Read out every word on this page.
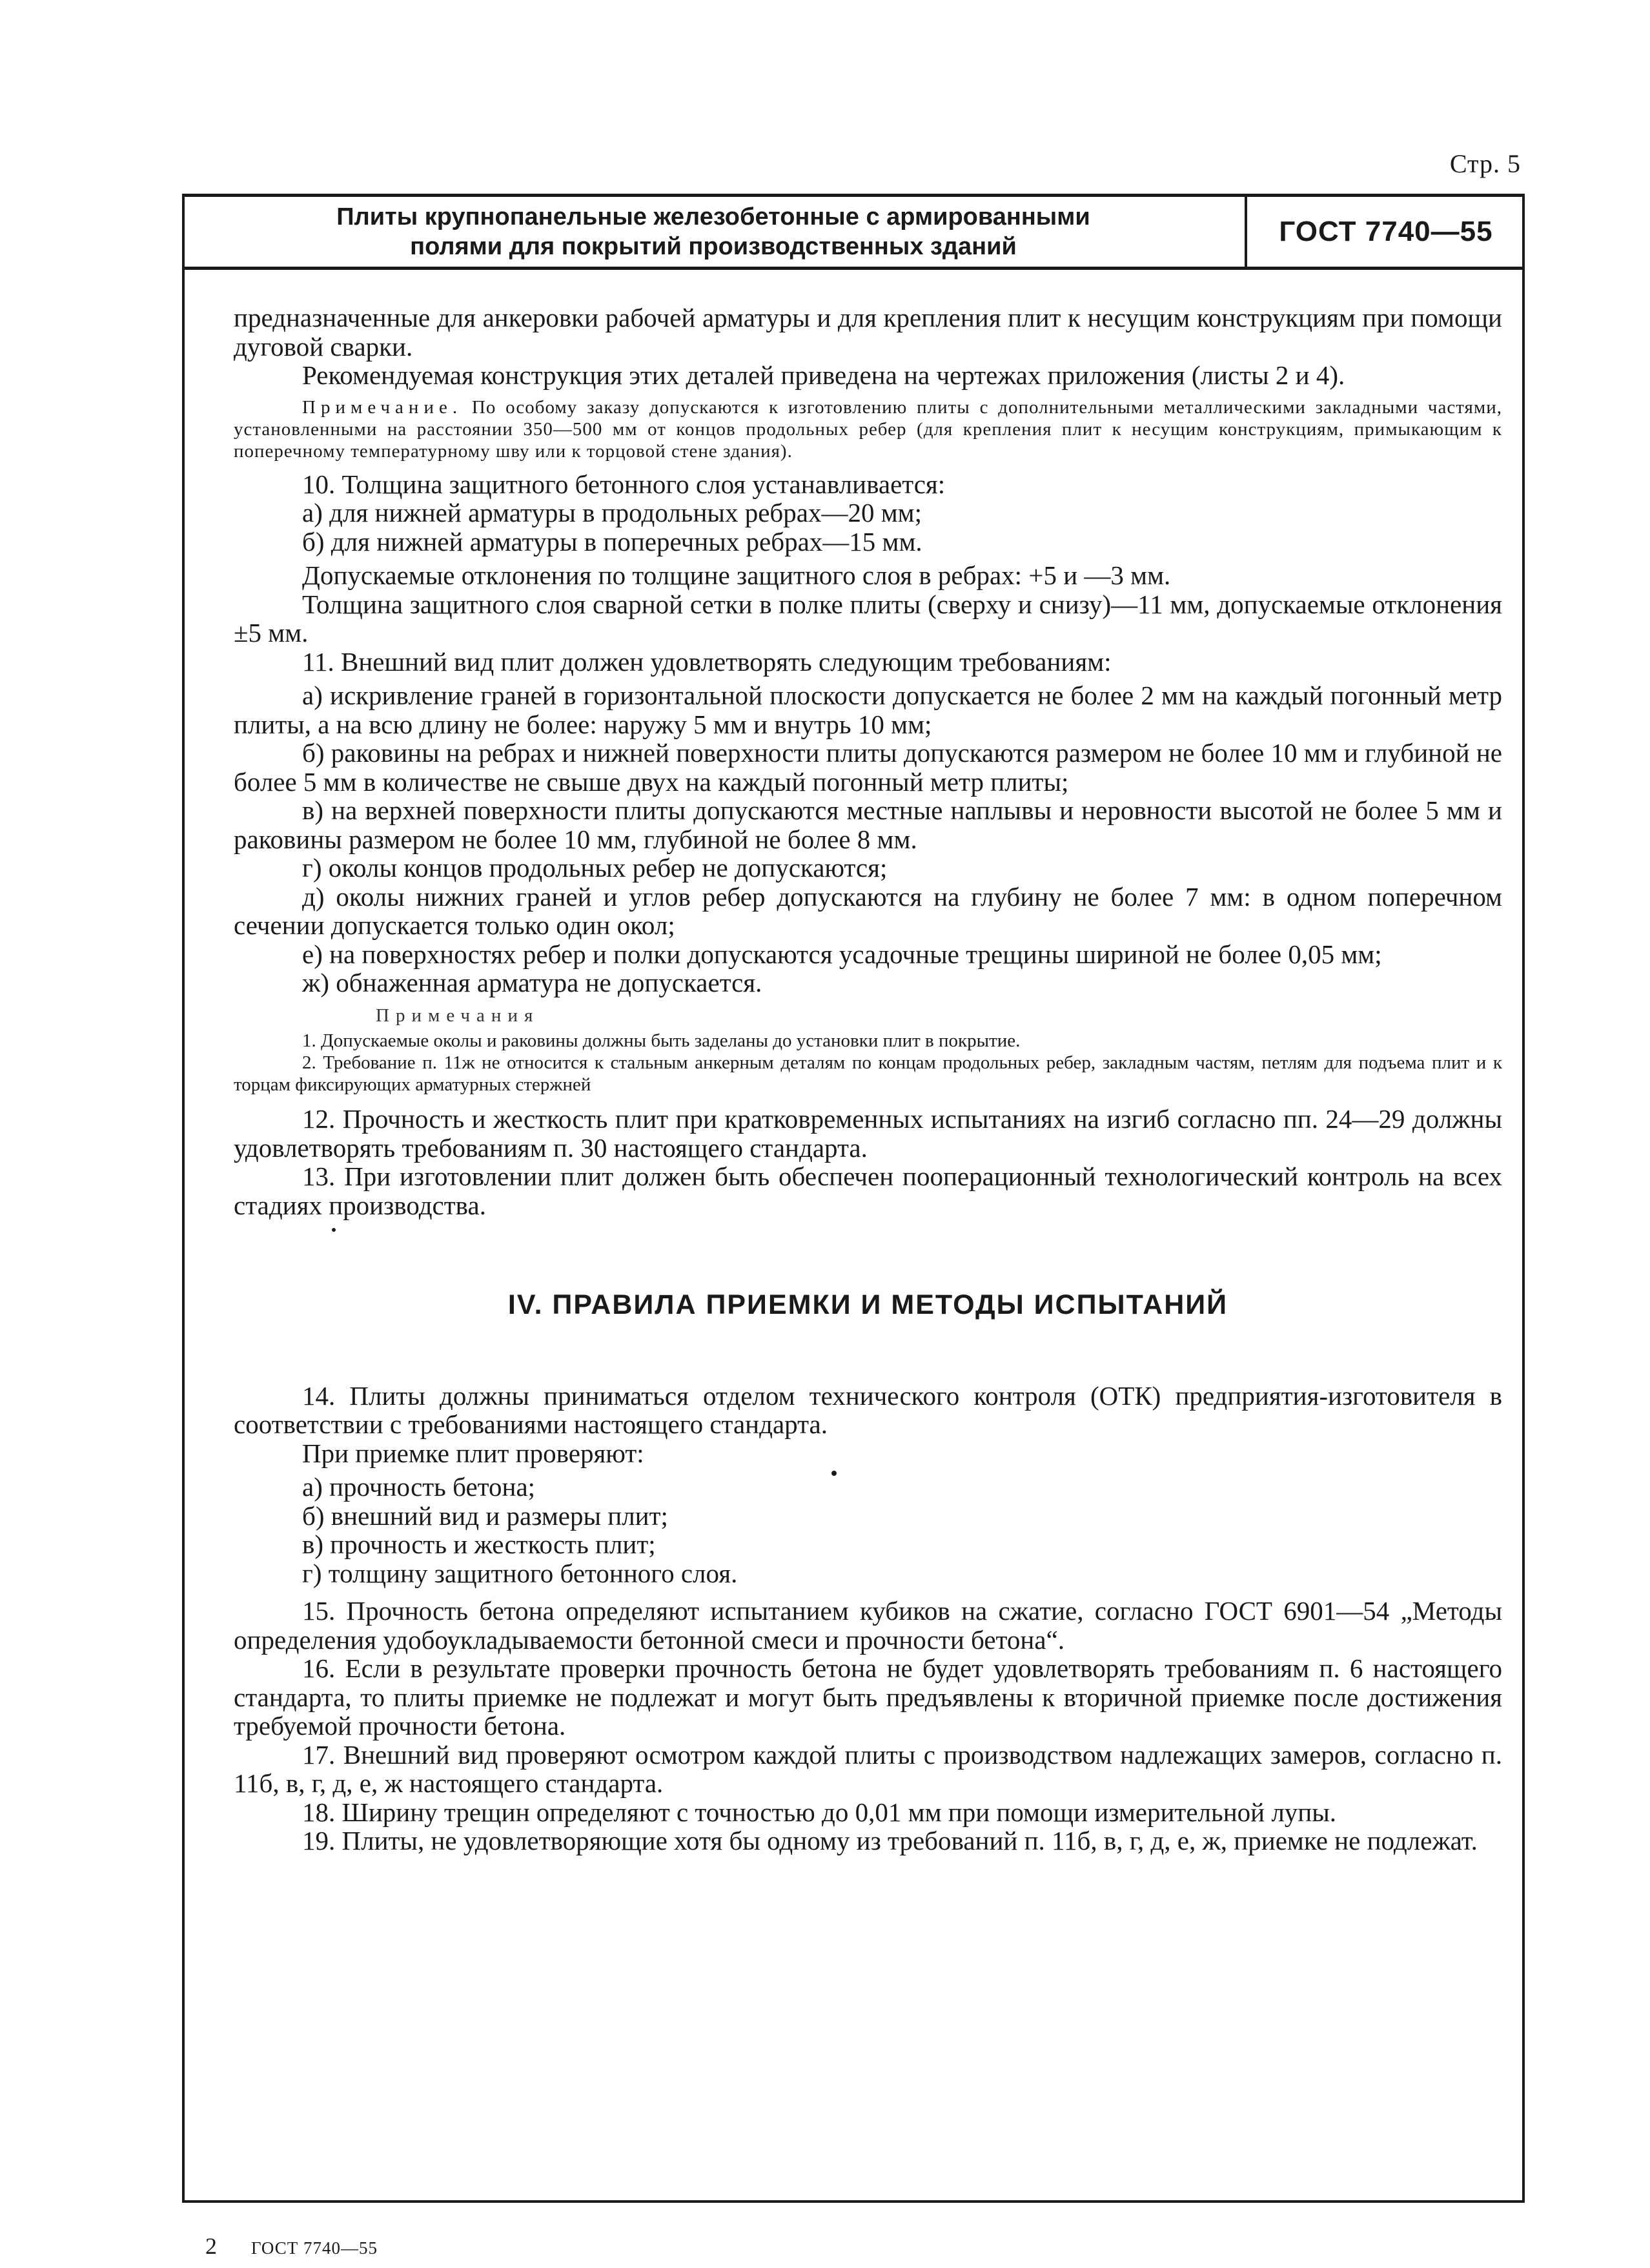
Стр. 5
Плиты крупнопанельные железобетонные с армированными
полями для покрытий производственных зданий	ГОСТ 7740—55

предназначенные для анкеровки рабочей арматуры и для крепления плит к несущим конструкциям при помощи дуговой сварки.

Рекомендуемая конструкция этих деталей приведена на чертежах приложения (листы 2 и 4).

Примечание. По особому заказу допускаются к изготовлению плиты с дополнительными металлическими закладными частями, установленными на расстоянии 350—500 мм от концов продольных ребер (для крепления плит к несущим конструкциям, примыкающим к поперечному температурному шву или к торцовой стене здания).

10. Толщина защитного бетонного слоя устанавливается:

а) для нижней арматуры в продольных ребрах—20 мм;

б) для нижней арматуры в поперечных ребрах—15 мм.

Допускаемые отклонения по толщине защитного слоя в ребрах: +5 и —3 мм.

Толщина защитного слоя сварной сетки в полке плиты (сверху и снизу)—11 мм, допускаемые отклонения ±5 мм.

11. Внешний вид плит должен удовлетворять следующим требованиям:

а) искривление граней в горизонтальной плоскости допускается не более 2 мм на каждый погонный метр плиты, а на всю длину не более: наружу 5 мм и внутрь 10 мм;

б) раковины на ребрах и нижней поверхности плиты допускаются размером не более 10 мм и глубиной не более 5 мм в количестве не свыше двух на каждый погонный метр плиты;

в) на верхней поверхности плиты допускаются местные наплывы и неровности высотой не более 5 мм и раковины размером не более 10 мм, глубиной не более 8 мм.

г) околы концов продольных ребер не допускаются;

д) околы нижних граней и углов ребер допускаются на глубину не более 7 мм: в одном поперечном сечении допускается только один окол;

е) на поверхностях ребер и полки допускаются усадочные трещины шириной не более 0,05 мм;

ж) обнаженная арматура не допускается.

Примечания

1. Допускаемые околы и раковины должны быть заделаны до установки плит в покрытие.

2. Требование п. 11ж не относится к стальным анкерным деталям по концам продольных ребер, закладным частям, петлям для подъема плит и к торцам фиксирующих арматурных стержней

12. Прочность и жесткость плит при кратковременных испытаниях на изгиб согласно пп. 24—29 должны удовлетворять требованиям п. 30 настоящего стандарта.

13. При изготовлении плит должен быть обеспечен пооперационный технологический контроль на всех стадиях производства.

IV. ПРАВИЛА ПРИЕМКИ И МЕТОДЫ ИСПЫТАНИЙ

14. Плиты должны приниматься отделом технического контроля (ОТК) предприятия-изготовителя в соответствии с требованиями настоящего стандарта.

При приемке плит проверяют:

а) прочность бетона;

б) внешний вид и размеры плит;

в) прочность и жесткость плит;

г) толщину защитного бетонного слоя.

15. Прочность бетона определяют испытанием кубиков на сжатие, согласно ГОСТ 6901—54 „Методы определения удобоукладываемости бетонной смеси и прочности бетона“.

16. Если в результате проверки прочность бетона не будет удовлетворять требованиям п. 6 настоящего стандарта, то плиты приемке не подлежат и могут быть предъявлены к вторичной приемке после достижения требуемой прочности бетона.

17. Внешний вид проверяют осмотром каждой плиты с производством надлежащих замеров, согласно п. 11б, в, г, д, е, ж настоящего стандарта.

18. Ширину трещин определяют с точностью до 0,01 мм при помощи измерительной лупы.

19. Плиты, не удовлетворяющие хотя бы одному из требований п. 11б, в, г, д, е, ж, приемке не подлежат.

2 ГОСТ 7740—55
